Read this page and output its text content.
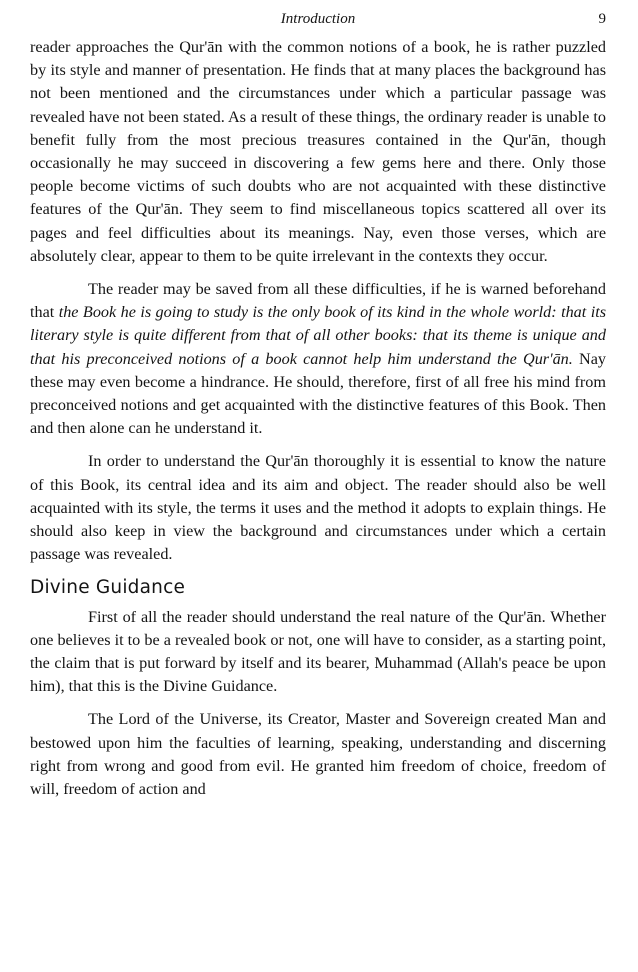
Introduction	9

reader approaches the Qur'ān with the common notions of a book, he is rather puzzled by its style and manner of presentation. He finds that at many places the background has not been mentioned and the circumstances under which a particular passage was revealed have not been stated. As a result of these things, the ordinary reader is unable to benefit fully from the most precious treasures contained in the Qur'ān, though occasionally he may succeed in discovering a few gems here and there. Only those people become victims of such doubts who are not acquainted with these distinctive features of the Qur'ān. They seem to find miscellaneous topics scattered all over its pages and feel difficulties about its meanings. Nay, even those verses, which are absolutely clear, appear to them to be quite irrelevant in the contexts they occur.

The reader may be saved from all these difficulties, if he is warned beforehand that the Book he is going to study is the only book of its kind in the whole world: that its literary style is quite different from that of all other books: that its theme is unique and that his preconceived notions of a book cannot help him understand the Qur'ān. Nay these may even become a hindrance. He should, therefore, first of all free his mind from preconceived notions and get acquainted with the distinctive features of this Book. Then and then alone can he understand it.

In order to understand the Qur'ān thoroughly it is essential to know the nature of this Book, its central idea and its aim and object. The reader should also be well acquainted with its style, the terms it uses and the method it adopts to explain things. He should also keep in view the background and circumstances under which a certain passage was revealed.

Divine Guidance

First of all the reader should understand the real nature of the Qur'ān. Whether one believes it to be a revealed book or not, one will have to consider, as a starting point, the claim that is put forward by itself and its bearer, Muhammad (Allah's peace be upon him), that this is the Divine Guidance.

The Lord of the Universe, its Creator, Master and Sovereign created Man and bestowed upon him the faculties of learning, speaking, understanding and discerning right from wrong and good from evil. He granted him freedom of choice, freedom of will, freedom of action and
